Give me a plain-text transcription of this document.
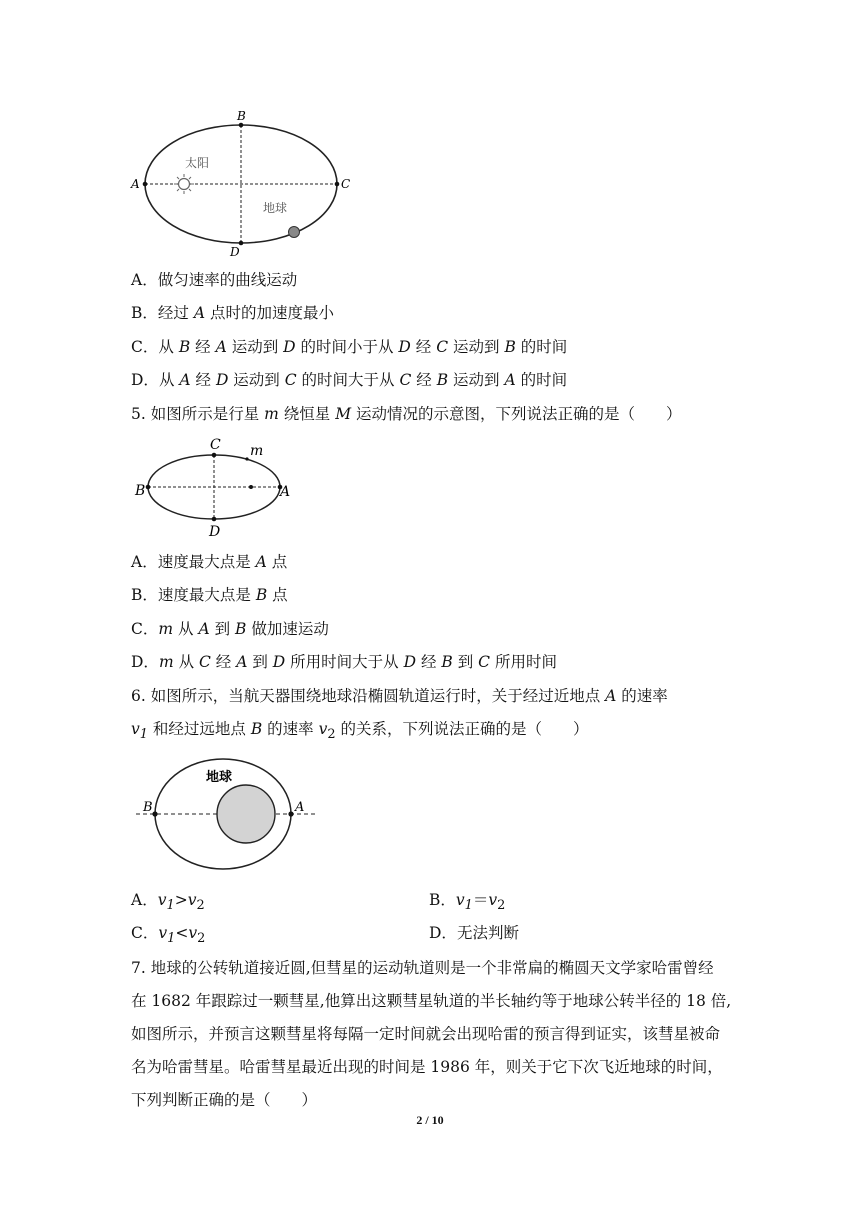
B
A	C
D
太阳
地球
A．做匀速率的曲线运动
B．经过 A 点时的加速度最小
C．从 B 经 A 运动到 D 的时间小于从 D 经 C 运动到 B 的时间
D．从 A 经 D 运动到 C 的时间大于从 C 经 B 运动到 A 的时间
5. 如图所示是行星 m 绕恒星 M 运动情况的示意图，下列说法正确的是（　　）
C m
B	A
D
A．速度最大点是 A 点
B．速度最大点是 B 点
C．m 从 A 到 B 做加速运动
D．m 从 C 经 A 到 D 所用时间大于从 D 经 B 到 C 所用时间
6. 如图所示，当航天器围绕地球沿椭圆轨道运行时，关于经过近地点 A 的速率
$v_1$ 和经过远地点 B 的速率 $v_2$ 的关系，下列说法正确的是（　　）
地球
B	A
A．$v_1>v_2$	B．$v_1=v_2$
C．$v_1<v_2$	D．无法判断
7. 地球的公转轨道接近圆,但彗星的运动轨道则是一个非常扁的椭圆天文学家哈雷曾经
在 1682 年跟踪过一颗彗星,他算出这颗彗星轨道的半长轴约等于地球公转半径的 18 倍,
如图所示，并预言这颗彗星将每隔一定时间就会出现哈雷的预言得到证实，该彗星被命
名为哈雷彗星。哈雷彗星最近出现的时间是 1986 年，则关于它下次飞近地球的时间，
下列判断正确的是（　　）
2 / 10
